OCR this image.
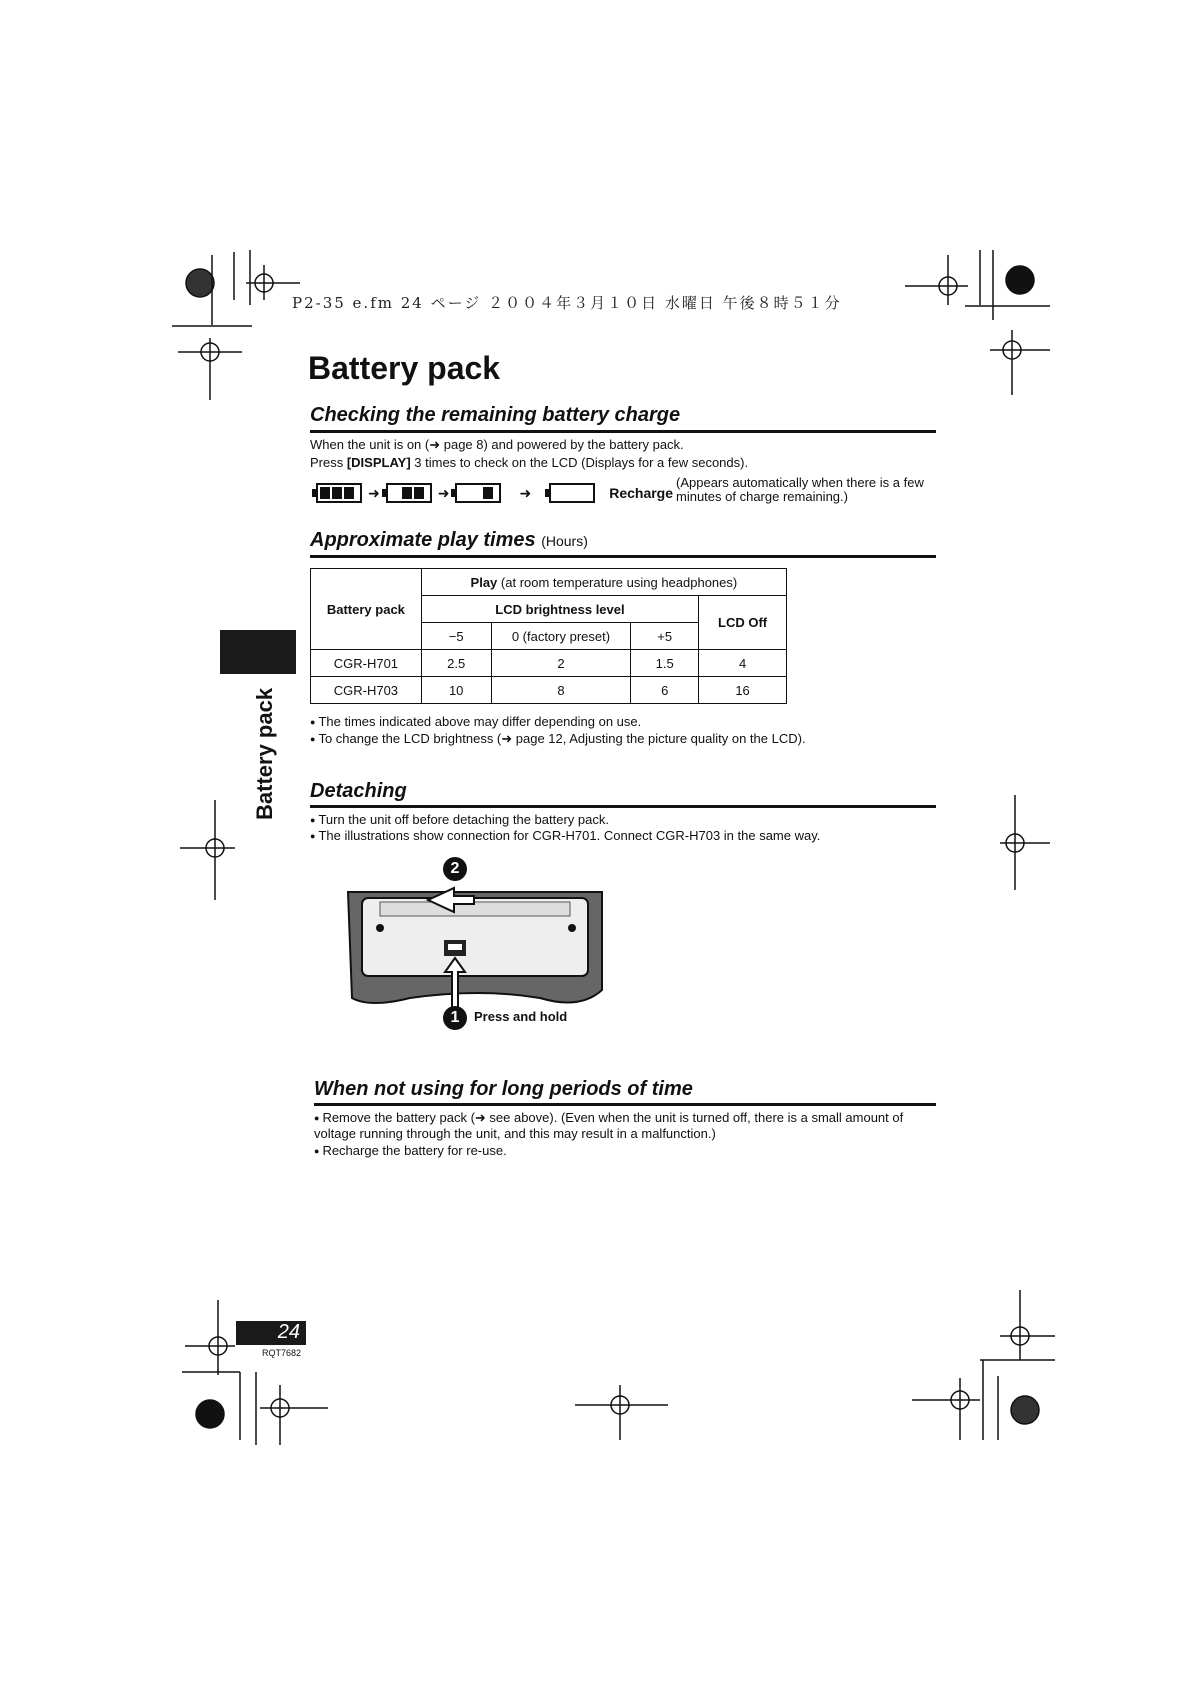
P2-35 e.fm 24 ページ ２００４年３月１０日 水曜日 午後８時５１分
Battery pack
Battery pack
Checking the remaining battery charge
When the unit is on (➜ page 8) and powered by the battery pack.
Press [DISPLAY] 3 times to check on the LCD (Displays for a few seconds).
➜	➜	➜	Recharge
(Appears automatically when there is a few minutes of charge remaining.)
Approximate play times (Hours)
Battery pack	Play (at room temperature using headphones)			
	LCD brightness level			LCD Off
	−5	0 (factory preset)	+5	
CGR-H701	2.5	2	1.5	4
CGR-H703	10	8	6	16
● The times indicated above may differ depending on use.
● To change the LCD brightness (➜ page 12, Adjusting the picture quality on the LCD).
Detaching
● Turn the unit off before detaching the battery pack.
● The illustrations show connection for CGR-H701. Connect CGR-H703 in the same way.
2
1	Press and hold
When not using for long periods of time
● Remove the battery pack (➜ see above). (Even when the unit is turned off, there is a small amount of voltage running through the unit, and this may result in a malfunction.)
● Recharge the battery for re-use.
24
RQT7682
